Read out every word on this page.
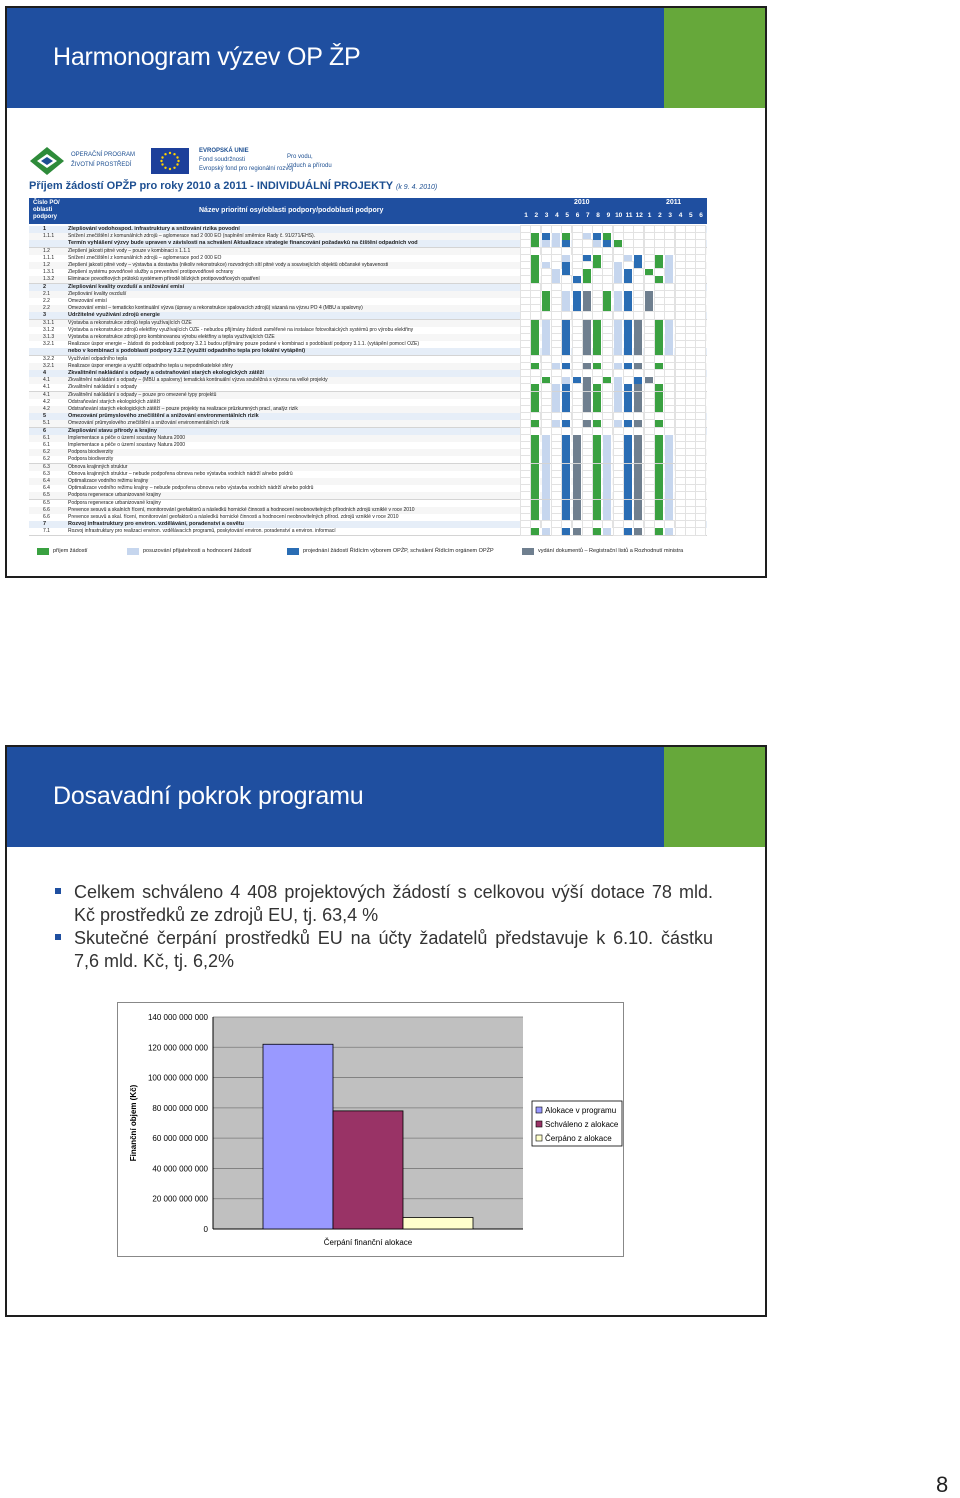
Harmonogram výzev OP ŽP
OPERAČNÍ PROGRAM
ŽIVOTNÍ PROSTŘEDÍ
EVROPSKÁ UNIE
Fond soudržnosti
Evropský fond pro regionální rozvoj
Pro vodu,
vzduch a přírodu
Příjem žádostí OPŽP pro roky 2010 a 2011 - INDIVIDUÁLNÍ PROJEKTY (k 9. 4. 2010)
Číslo PO/ oblasti podpory
Název prioritní osy/oblasti podpory/podoblasti podpory
2010	2011
1	2	3	4	5	6	7	8	9 10 11 12 1	2	3	4	5	6
1	Zlepšování vodohospod. infrastruktury a snižování rizika povodní
1.1.1	Snížení znečištění z komunálních zdrojů – aglomerace nad 2 000 EO (naplnění směrnice Rady č. 91/271/EHS).
Termín vyhlášení výzvy bude upraven v závislosti na schválení Aktualizace strategie financování požadavků na čištění odpadních vod
1.2	Zlepšení jakosti pitné vody – pouze v kombinaci s 1.1.1
1.1.1	Snížení znečištění z komunálních zdrojů – aglomerace pod 2 000 EO
1.2	Zlepšení jakosti pitné vody – výstavba a dostavba (nikoliv rekonstrukce) rozvodných sítí pitné vody a souvisejících objektů občanské vybavenosti
1.3.1	Zlepšení systému povodňové služby a preventivní protipovodňové ochrany
1.3.2	Eliminace povodňových průtoků systémem přírodě blízkých protipovodňových opatření
2	Zlepšování kvality ovzduší a snižování emisí
2.1	Zlepšování kvality ovzduší
2.2	Omezování emisí
2.2	Omezování emisí – tematicko kontinuální výzva (úpravy a rekonstrukce spalovacích zdrojů) vázaná na výzvu PO 4 (MBÚ a spalovny)
3	Udržitelné využívání zdrojů energie
3.1.1	Výstavba a rekonstrukce zdrojů tepla využívajících OZE
3.1.2	Výstavba a rekonstrukce zdrojů elektřiny využívajících OZE - nebudou přijímány žádosti zaměřené na instalace fotovoltaických systémů pro výrobu elektřiny
3.1.3	Výstavba a rekonstrukce zdrojů pro kombinovanou výrobu elektřiny a tepla využívajících OZE
3.2.1	Realizace úspor energie – žádosti do podoblasti podpory 3.2.1 budou přijímány pouze podané v kombinaci s podoblastí podpory 3.1.1. (vytápění pomocí OZE)
nebo v kombinaci s podoblastí podpory 3.2.2 (využití odpadního tepla pro lokální vytápění)
3.2.2	Využívání odpadního tepla
3.2.1	Realizace úspor energie a využití odpadního tepla u nepodnikatelské sféry
4	Zkvalitnění nakládání s odpady a odstraňování starých ekologických zátěží
4.1	Zkvalitnění nakládání s odpady – (MBÚ a spalovny) tematická kontinuální výzva souběžná s výzvou na velké projekty
4.1	Zkvalitnění nakládání s odpady
4.1	Zkvalitnění nakládání s odpady – pouze pro omezené typy projektů
4.2	Odstraňování starých ekologických zátěží
4.2	Odstraňování starých ekologických zátěží – pouze projekty na realizace průzkumných prací, analýz rizik
5	Omezování průmyslového znečištění a snižování environmentálních rizik
5.1	Omezování průmyslového znečištění a snižování environmentálních rizik
6	Zlepšování stavu přírody a krajiny
6.1	Implementace a péče o území soustavy Natura 2000
6.1	Implementace a péče o území soustavy Natura 2000
6.2	Podpora biodiverzity
6.2	Podpora biodiverzity
6.3	Obnova krajinných struktur
6.3	Obnova krajinných struktur – nebude podpořena obnova nebo výstavba vodních nádrží a/nebo poldrů
6.4	Optimalizace vodního režimu krajiny
6.4	Optimalizace vodního režimu krajiny – nebude podpořena obnova nebo výstavba vodních nádrží a/nebo poldrů
6.5	Podpora regenerace urbanizované krajiny
6.5	Podpora regenerace urbanizované krajiny
6.6	Prevence sesuvů a skalních řícení, monitorování geofaktorů a následků hornické činnosti a hodnocení neobnovitelných přírodních zdrojů vzniklé v roce 2010
6.6	Prevence sesuvů a skal. řícení, monitorování geofaktorů a následků hornické činnosti a hodnocení neobnovitelných přírod. zdrojů vzniklé v roce 2010
7	Rozvoj infrastruktury pro environ. vzdělávání, poradenství a osvětu
7.1	Rozvoj infrastruktury pro realizaci environ. vzdělávacích programů, poskytování environ. poradenství a environ. informací
příjem žádostí	posuzování přijatelnosti a hodnocení žádostí	projednání žádostí Řídícím výborem OPŽP, schválení Řídícím orgánem OPŽP	vydání dokumentů – Registrační listů a Rozhodnutí ministra
Dosavadní pokrok programu
Celkem schváleno 4 408 projektových žádostí s celkovou výší dotace 78 mld. Kč prostředků ze zdrojů EU, tj. 63,4 %
Skutečné čerpání prostředků EU na účty žadatelů představuje k 6.10. částku 7,6 mld. Kč, tj. 6,2%
0
20 000 000 000
40 000 000 000
60 000 000 000
80 000 000 000
100 000 000 000
120 000 000 000
140 000 000 000
Čerpání finanční alokace
Finanční objem (Kč)	Alokace v programu
Schváleno z alokace
Čerpáno z alokace
8
